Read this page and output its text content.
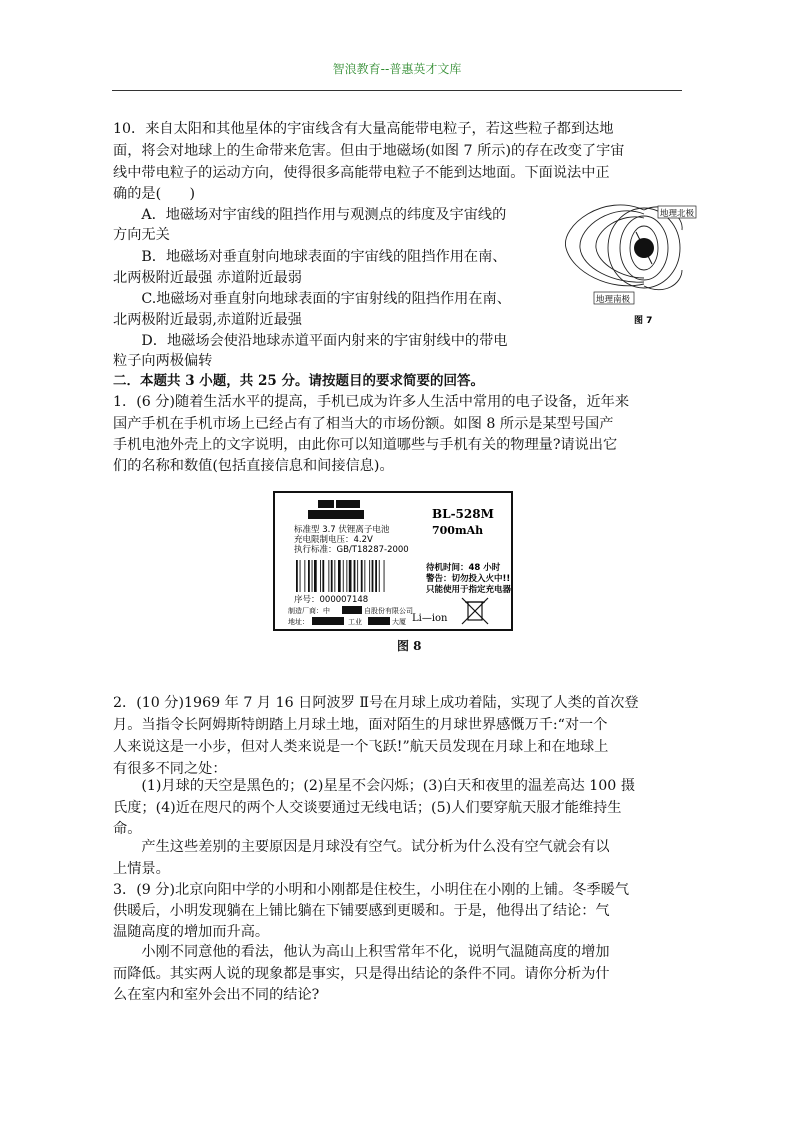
智浪教育--普惠英才文库
10．来自太阳和其他星体的宇宙线含有大量高能带电粒子，若这些粒子都到达地
面，将会对地球上的生命带来危害。但由于地磁场(如图 7 所示)的存在改变了宇宙
线中带电粒子的运动方向，使得很多高能带电粒子不能到达地面。下面说法中正
确的是(　　)
　　A．地磁场对宇宙线的阻挡作用与观测点的纬度及宇宙线的
方向无关
　　B．地磁场对垂直射向地球表面的宇宙线的阻挡作用在南、
北两极附近最强 赤道附近最弱
　　C.地磁场对垂直射向地球表面的宇宙射线的阻挡作用在南、
北两极附近最弱,赤道附近最强
　　D．地磁场会使沿地球赤道平面内射来的宇宙射线中的带电
粒子向两极偏转
二．本题共 3 小题，共 25 分。请按题目的要求简要的回答。
1．(6 分)随着生活水平的提高，手机已成为许多人生活中常用的电子设备，近年来
国产手机在手机市场上已经占有了相当大的市场份额。如图 8 所示是某型号国产
手机电池外壳上的文字说明，由此你可以知道哪些与手机有关的物理量?请说出它
们的名称和数值(包括直接信息和间接信息)。
2．(10 分)1969 年 7 月 16 日阿波罗 Ⅱ号在月球上成功着陆，实现了人类的首次登
月。当指令长阿姆斯特朗踏上月球土地，面对陌生的月球世界感慨万千:“对一个
人来说这是一小步，但对人类来说是一个飞跃!”航天员发现在月球上和在地球上
有很多不同之处：
　　(1)月球的天空是黑色的；(2)星星不会闪烁；(3)白天和夜里的温差高达 100 摄
氏度；(4)近在咫尺的两个人交谈要通过无线电话；(5)人们要穿航天服才能维持生
命。
　　产生这些差别的主要原因是月球没有空气。试分析为什么没有空气就会有以
上情景。
3．(9 分)北京向阳中学的小明和小刚都是住校生，小明住在小刚的上铺。冬季暖气
供暖后，小明发现躺在上铺比躺在下铺要感到更暖和。于是，他得出了结论：气
温随高度的增加而升高。
　　小刚不同意他的看法，他认为高山上积雪常年不化，说明气温随高度的增加
而降低。其实两人说的现象都是事实，只是得出结论的条件不同。请你分析为什
么在室内和室外会出不同的结论?
地理北极
地理南极
图 7
BL-528M
700mAh
标准型 3.7 伏锂离子电池
充电限制电压：4.2V
执行标准：GB/T18287-2000
序号：000007148
待机时间：48 小时
警告：切勿投入火中!!
只能使用于指定充电器
制造厂商：中	自股份有限公司
地址：	工业	大厦 Li—ion
图 8
